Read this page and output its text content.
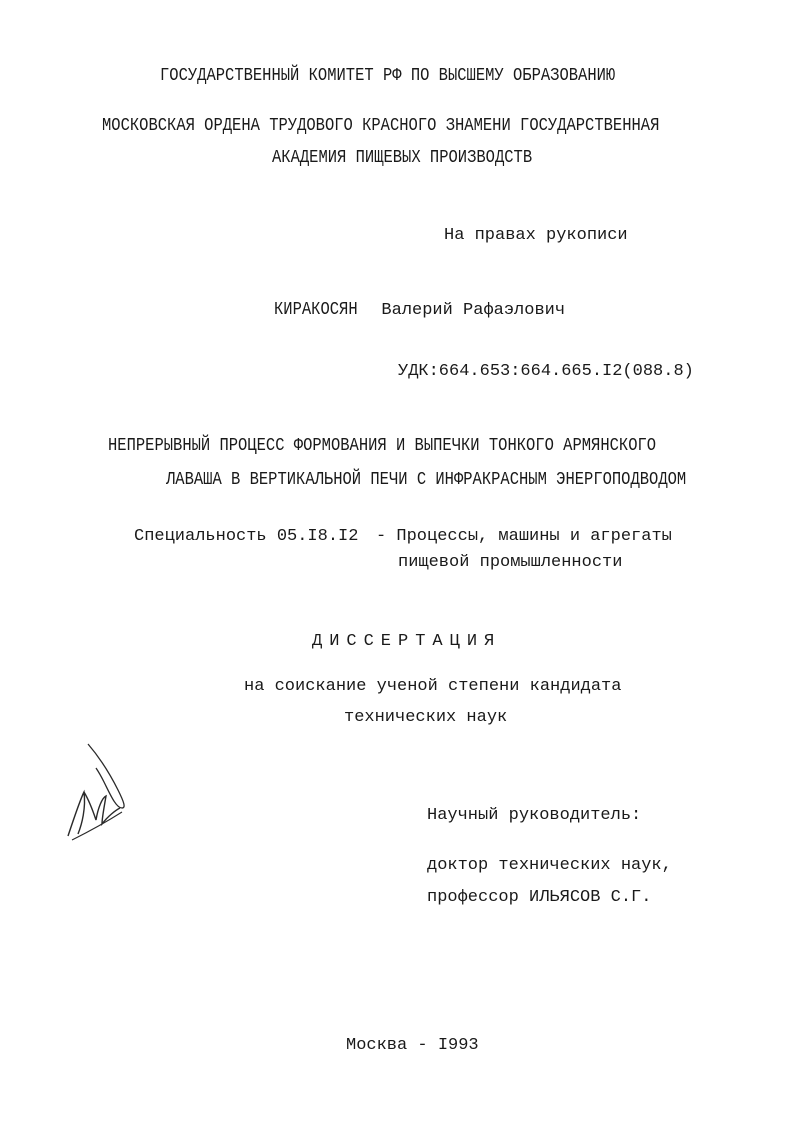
ГОСУДАРСТВЕННЫЙ КОМИТЕТ РФ ПО ВЫСШЕМУ ОБРАЗОВАНИЮ
МОСКОВСКАЯ ОРДЕНА ТРУДОВОГО КРАСНОГО ЗНАМЕНИ ГОСУДАРСТВЕННАЯ
АКАДЕМИЯ ПИЩЕВЫХ ПРОИЗВОДСТВ
На правах рукописи
КИРАКОСЯН Валерий Рафаэлович
УДК:664.653:664.665.I2(088.8)
НЕПРЕРЫВНЫЙ ПРОЦЕСС ФОРМОВАНИЯ И ВЫПЕЧКИ ТОНКОГО АРМЯНСКОГО
ЛАВАША В ВЕРТИКАЛЬНОЙ ПЕЧИ С ИНФРАКРАСНЫМ ЭНЕРГОПОДВОДОМ
Специальность 05.I8.I2 - Процессы, машины и агрегаты
пищевой промышленности
ДИССЕРТАЦИЯ
на соискание ученой степени кандидата
технических наук
Научный руководитель:
доктор технических наук,
профессор ИЛЬЯСОВ С.Г.
Москва - I993
